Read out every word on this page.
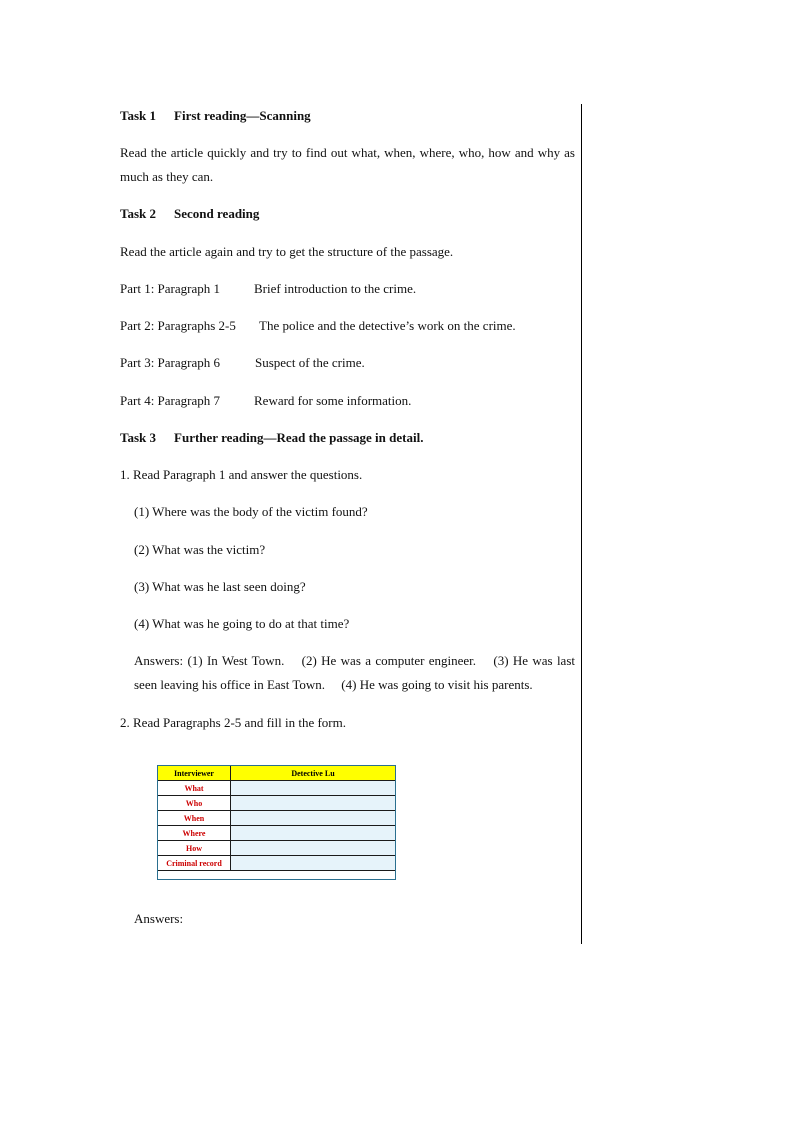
Task 1 First reading—Scanning
Read the article quickly and try to find out what, when, where, who, how and why as much as they can.
Task 2 Second reading
Read the article again and try to get the structure of the passage.
Part 1: Paragraph 1	Brief introduction to the crime.
Part 2: Paragraphs 2-5 The police and the detective’s work on the crime.
Part 3: Paragraph 6	Suspect of the crime.
Part 4: Paragraph 7	Reward for some information.
Task 3 Further reading—Read the passage in detail.
1. Read Paragraph 1 and answer the questions.
(1) Where was the body of the victim found?
(2) What was the victim?
(3) What was he last seen doing?
(4) What was he going to do at that time?
Answers: (1) In West Town.  (2) He was a computer engineer.  (3) He was last seen leaving his office in East Town.  (4) He was going to visit his parents.
2. Read Paragraphs 2-5 and fill in the form.
Interviewer	Detective Lu
What	
Who	
When	
Where	
How	
Criminal record	
Answers:
